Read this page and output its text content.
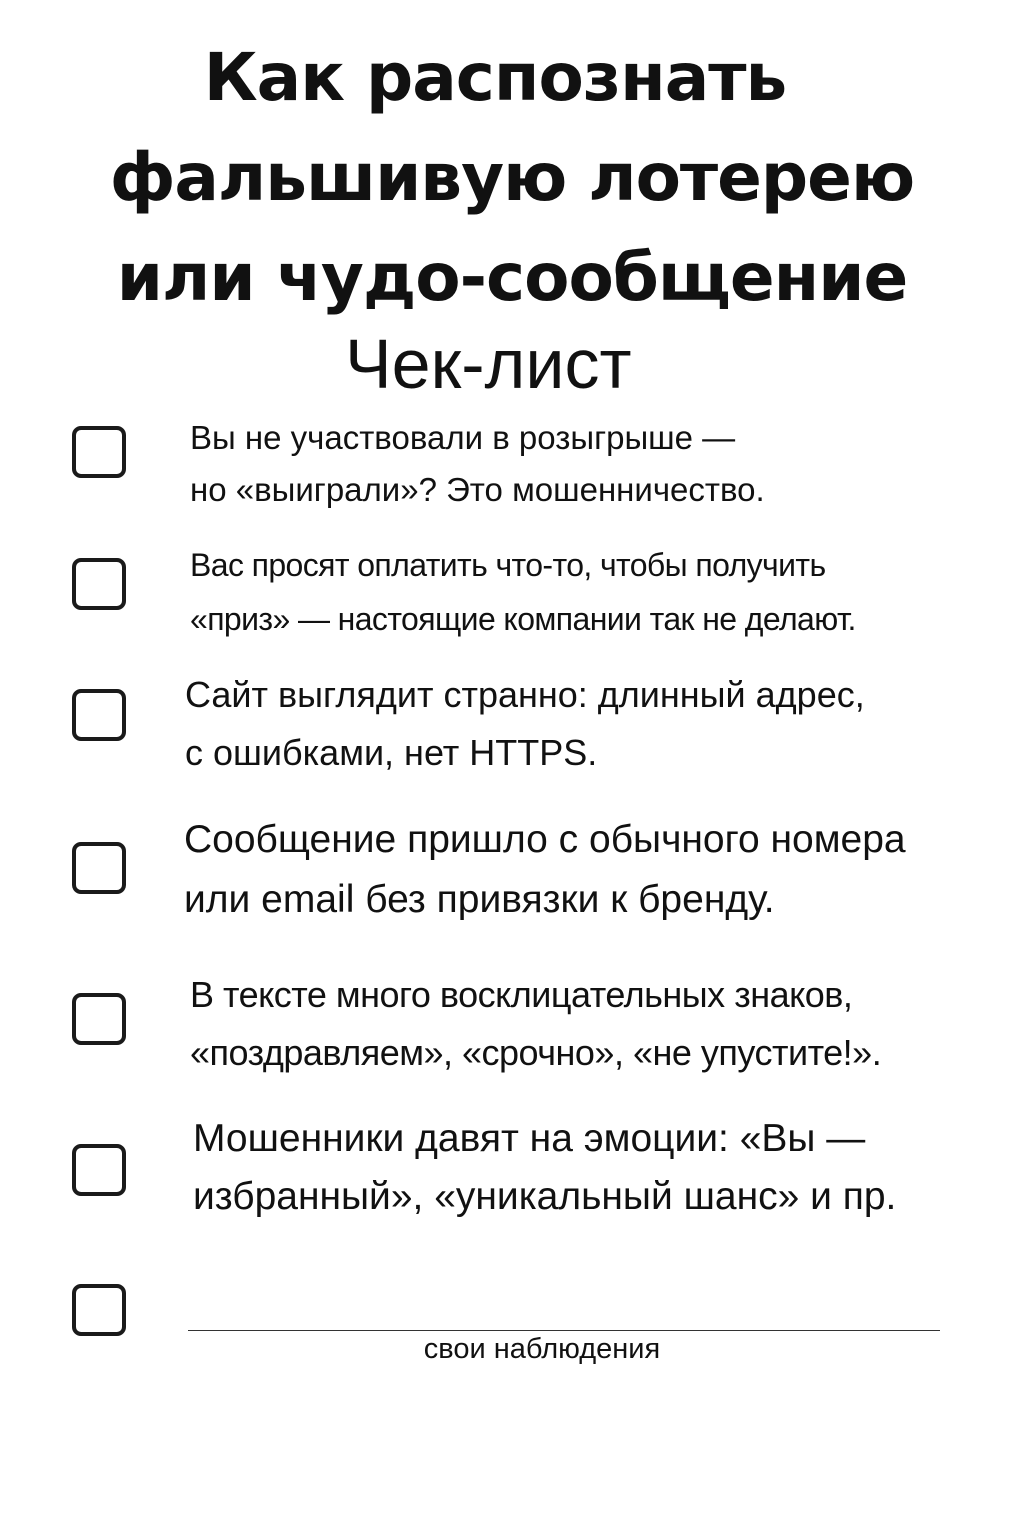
Как распознать
фальшивую лотерею
или чудо-сообщение
Чек-лист

Вы не участвовали в розыгрыше —
но «выиграли»? Это мошенничество.

Вас просят оплатить что-то, чтобы получить
«приз» — настоящие компании так не делают.

Сайт выглядит странно: длинный адрес,
с ошибками, нет HTTPS.

Сообщение пришло с обычного номера
или email без привязки к бренду.

В тексте много восклицательных знаков,
«поздравляем», «срочно», «не упустите!».

Мошенники давят на эмоции: «Вы —
избранный», «уникальный шанс» и пр.

свои наблюдения
